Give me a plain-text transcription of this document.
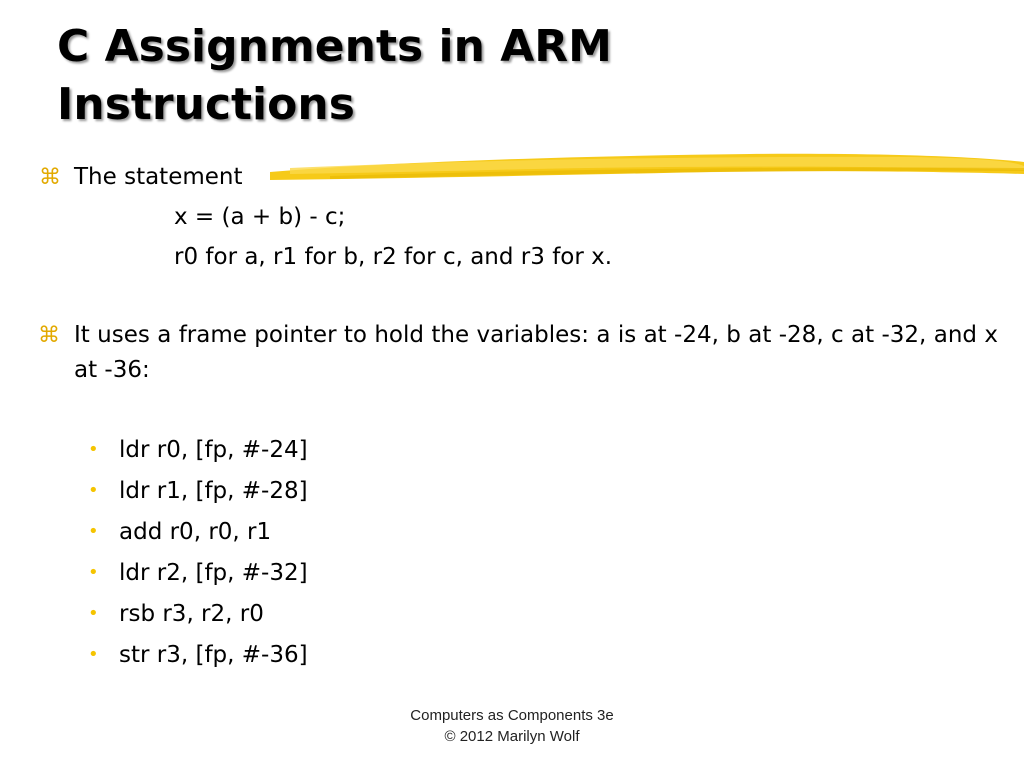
C Assignments in ARM
Instructions
⌘ The statement
x = (a + b) - c;
r0 for a, r1 for b, r2 for c, and r3 for x.
⌘ It uses a frame pointer to hold the variables: a is at -24, b at -28, c at -32, and x at -36:
• ldr r0, [fp, #-24]
• ldr r1, [fp, #-28]
• add r0, r0, r1
• ldr r2, [fp, #-32]
• rsb r3, r2, r0
• str r3, [fp, #-36]
Computers as Components 3e
© 2012 Marilyn Wolf
